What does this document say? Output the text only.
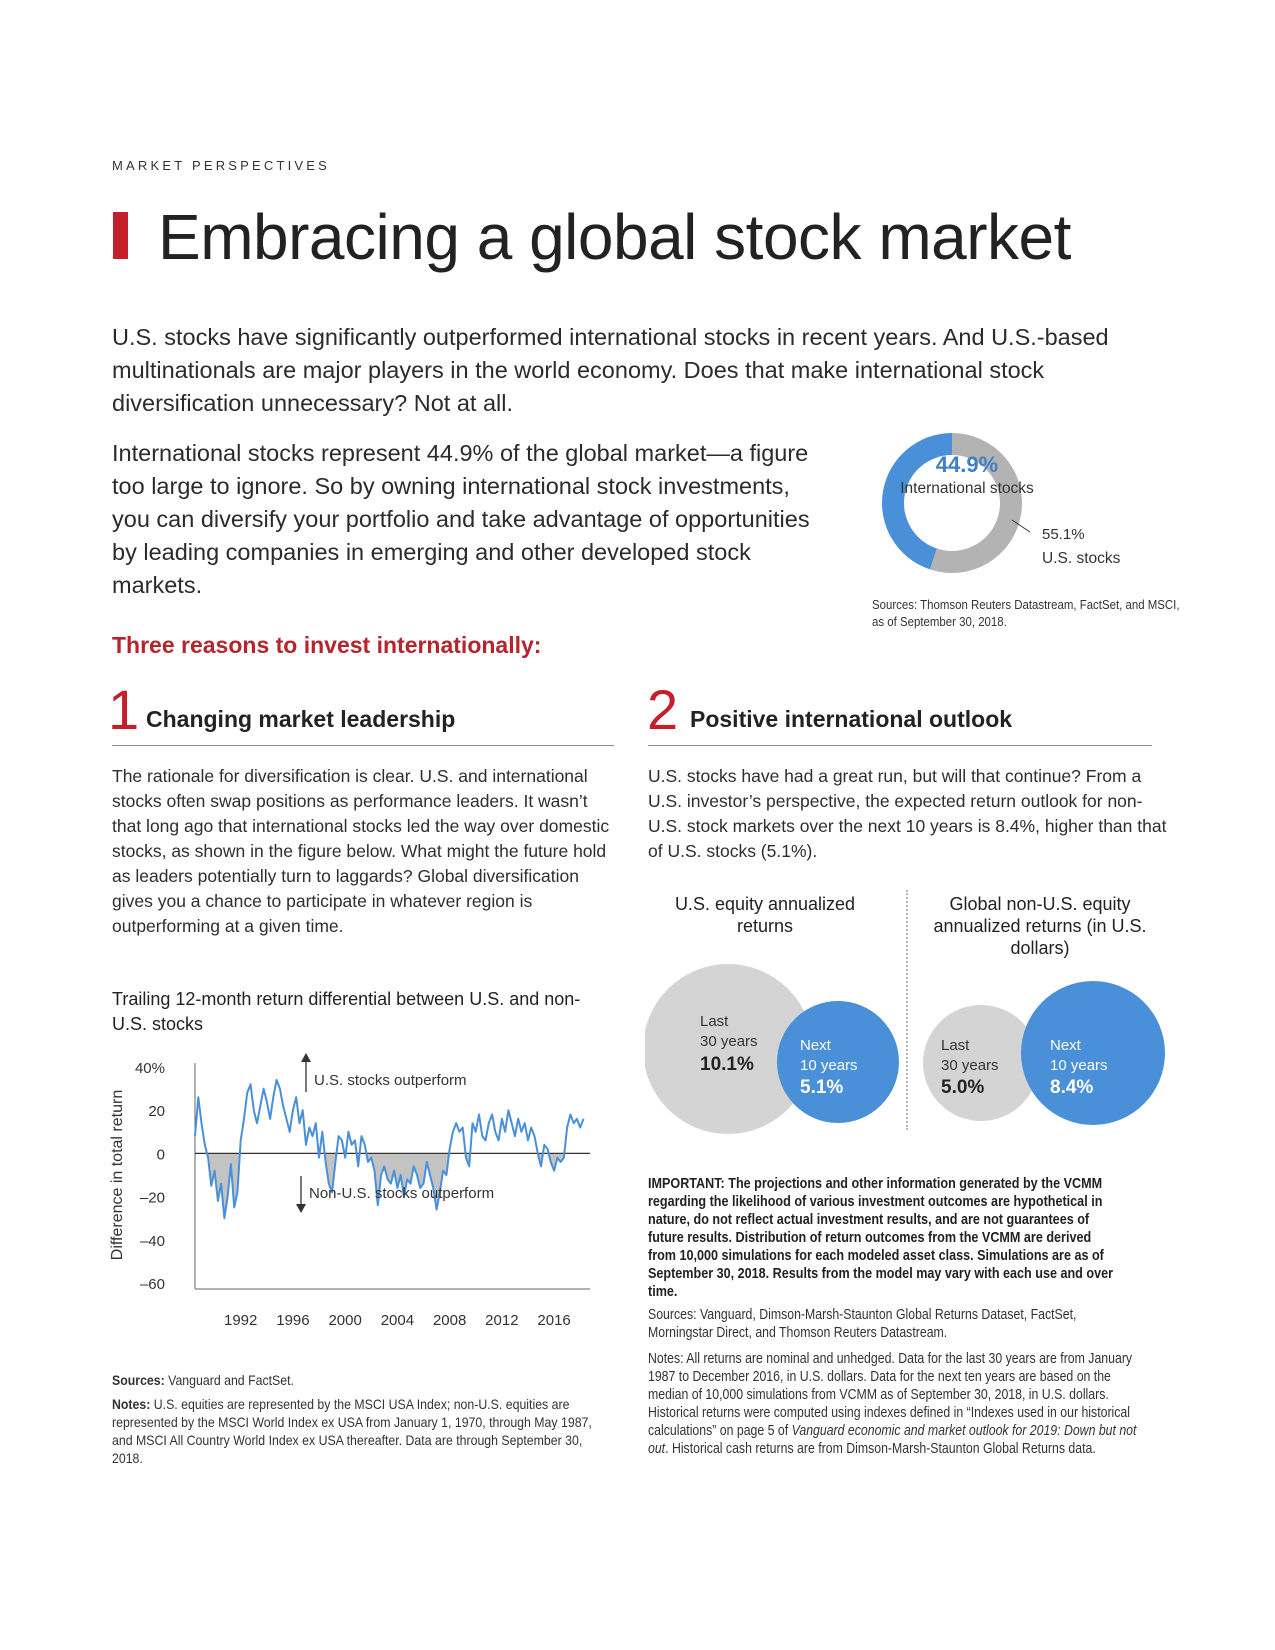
MARKET PERSPECTIVES
Embracing a global stock market

U.S. stocks have significantly outperformed international stocks in recent years. And U.S.-based multinationals are major players in the world economy. Does that make international stock diversification unnecessary? Not at all.

International stocks represent 44.9% of the global market—a figure too large to ignore. So by owning international stock investments, you can diversify your portfolio and take advantage of opportunities by leading companies in emerging and other developed stock markets.

44.9%
International stocks
55.1%
U.S. stocks
Sources: Thomson Reuters Datastream, FactSet, and MSCI, as of September 30, 2018.
Three reasons to invest internationally:
1 Changing market leadership

The rationale for diversification is clear. U.S. and international stocks often swap positions as performance leaders. It wasn’t that long ago that international stocks led the way over domestic stocks, as shown in the figure below. What might the future hold as leaders potentially turn to laggards? Global diversification gives you a chance to participate in whatever region is outperforming at a given time.

2 Positive international outlook

U.S. stocks have had a great run, but will that continue? From a U.S. investor’s perspective, the expected return outlook for non-U.S. stock markets over the next 10 years is 8.4%, higher than that of U.S. stocks (5.1%).

Trailing 12-month return differential between U.S. and non-U.S. stocks
Difference in total return
40%
20
0
–20
–40
–60
1992 1996 2000 2004 2008 2012 2016
U.S. stocks outperform
Non-U.S. stocks outperform
Sources: Vanguard and FactSet.
Notes: U.S. equities are represented by the MSCI USA Index; non-U.S. equities are represented by the MSCI World Index ex USA from January 1, 1970, through May 1987, and MSCI All Country World Index ex USA thereafter. Data are through September 30, 2018.
U.S. equity annualized returns
Global non-U.S. equity annualized returns (in U.S. dollars)
Last
30 years
10.1%
Next
10 years
5.1%
Last
30 years
5.0%
Next
10 years
8.4%
IMPORTANT: The projections and other information generated by the VCMM regarding the likelihood of various investment outcomes are hypothetical in nature, do not reflect actual investment results, and are not guarantees of future results. Distribution of return outcomes from the VCMM are derived from 10,000 simulations for each modeled asset class. Simulations are as of September 30, 2018. Results from the model may vary with each use and over time.
Sources: Vanguard, Dimson-Marsh-Staunton Global Returns Dataset, FactSet, Morningstar Direct, and Thomson Reuters Datastream.
Notes: All returns are nominal and unhedged. Data for the last 30 years are from January 1987 to December 2016, in U.S. dollars. Data for the next ten years are based on the median of 10,000 simulations from VCMM as of September 30, 2018, in U.S. dollars. Historical returns were computed using indexes defined in “Indexes used in our historical calculations” on page 5 of Vanguard economic and market outlook for 2019: Down but not out. Historical cash returns are from Dimson-Marsh-Staunton Global Returns data.
